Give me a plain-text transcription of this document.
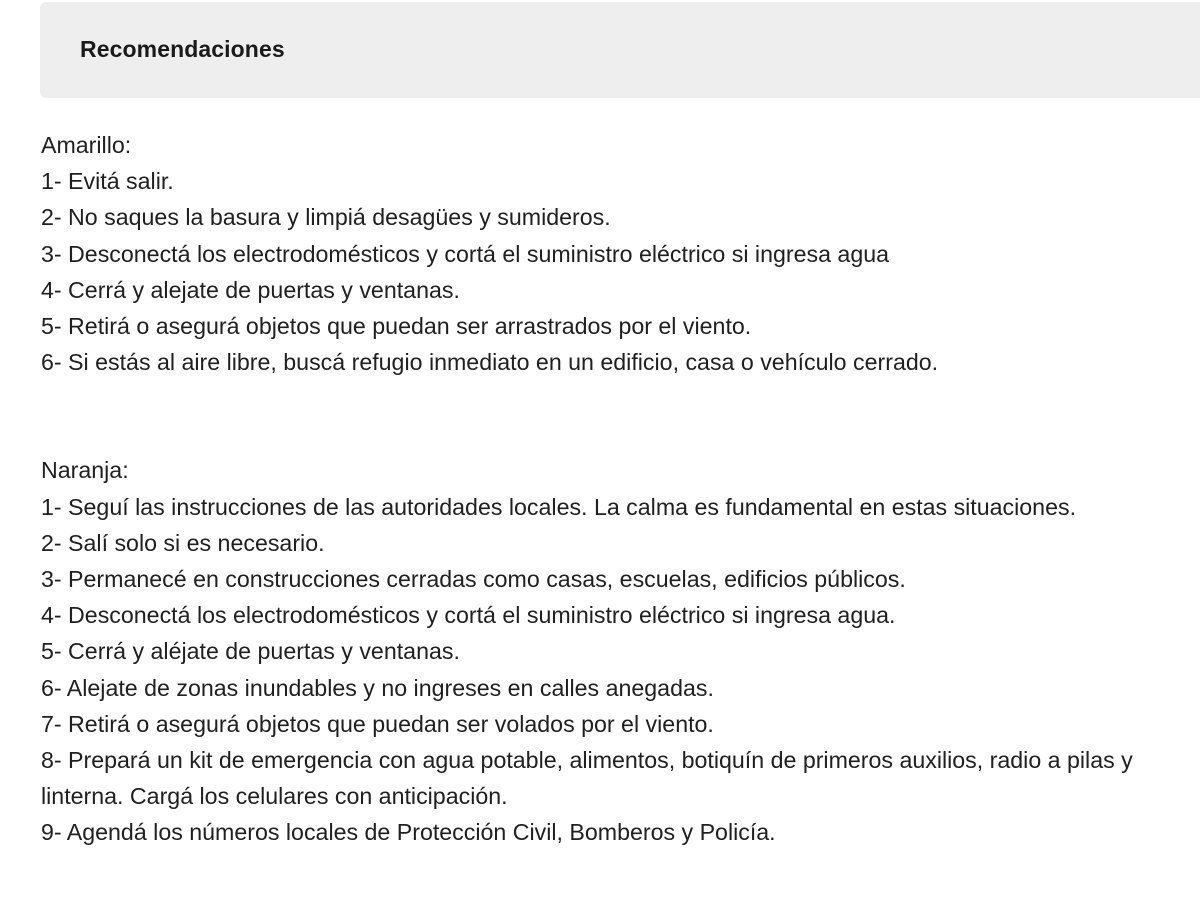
Recomendaciones
Amarillo:
1- Evitá salir.
2- No saques la basura y limpiá desagües y sumideros.
3- Desconectá los electrodomésticos y cortá el suministro eléctrico si ingresa agua
4- Cerrá y alejate de puertas y ventanas.
5- Retirá o asegurá objetos que puedan ser arrastrados por el viento.
6- Si estás al aire libre, buscá refugio inmediato en un edificio, casa o vehículo cerrado.
Naranja:
1- Seguí las instrucciones de las autoridades locales. La calma es fundamental en estas situaciones.
2- Salí solo si es necesario.
3- Permanecé en construcciones cerradas como casas, escuelas, edificios públicos.
4- Desconectá los electrodomésticos y cortá el suministro eléctrico si ingresa agua.
5- Cerrá y aléjate de puertas y ventanas.
6- Alejate de zonas inundables y no ingreses en calles anegadas.
7- Retirá o asegurá objetos que puedan ser volados por el viento.
8- Prepará un kit de emergencia con agua potable, alimentos, botiquín de primeros auxilios, radio a pilas y linterna. Cargá los celulares con anticipación.
9- Agendá los números locales de Protección Civil, Bomberos y Policía.
